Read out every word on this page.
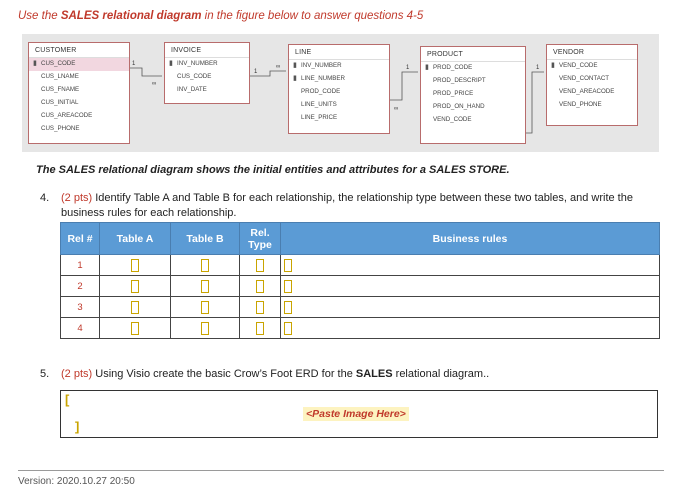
Use the SALES relational diagram in the figure below to answer questions 4-5
1
∞
1
∞
∞
1	1
CUSTOMER
▮ CUS_CODE
CUS_LNAME
CUS_FNAME
CUS_INITIAL
CUS_AREACODE
CUS_PHONE
INVOICE
▮ INV_NUMBER
CUS_CODE
INV_DATE
LINE
▮ INV_NUMBER
▮ LINE_NUMBER
PROD_CODE
LINE_UNITS
LINE_PRICE
PRODUCT
▮ PROD_CODE
PROD_DESCRIPT
PROD_PRICE
PROD_ON_HAND
VEND_CODE
VENDOR
▮ VEND_CODE
VEND_CONTACT
VEND_AREACODE
VEND_PHONE
The SALES relational diagram shows the initial entities and attributes for a SALES STORE.
4. (2 pts) Identify Table A and Table B for each relationship, the relationship type between these two tables, and write the business rules for each relationship.
Rel #	Table A	Table B	Rel. Type	Business rules
1				
2				
3				
4				
5. (2 pts) Using Visio create the basic Crow’s Foot ERD for the SALES relational diagram..
[
<Paste Image Here>
]
Version: 2020.10.27 20:50
